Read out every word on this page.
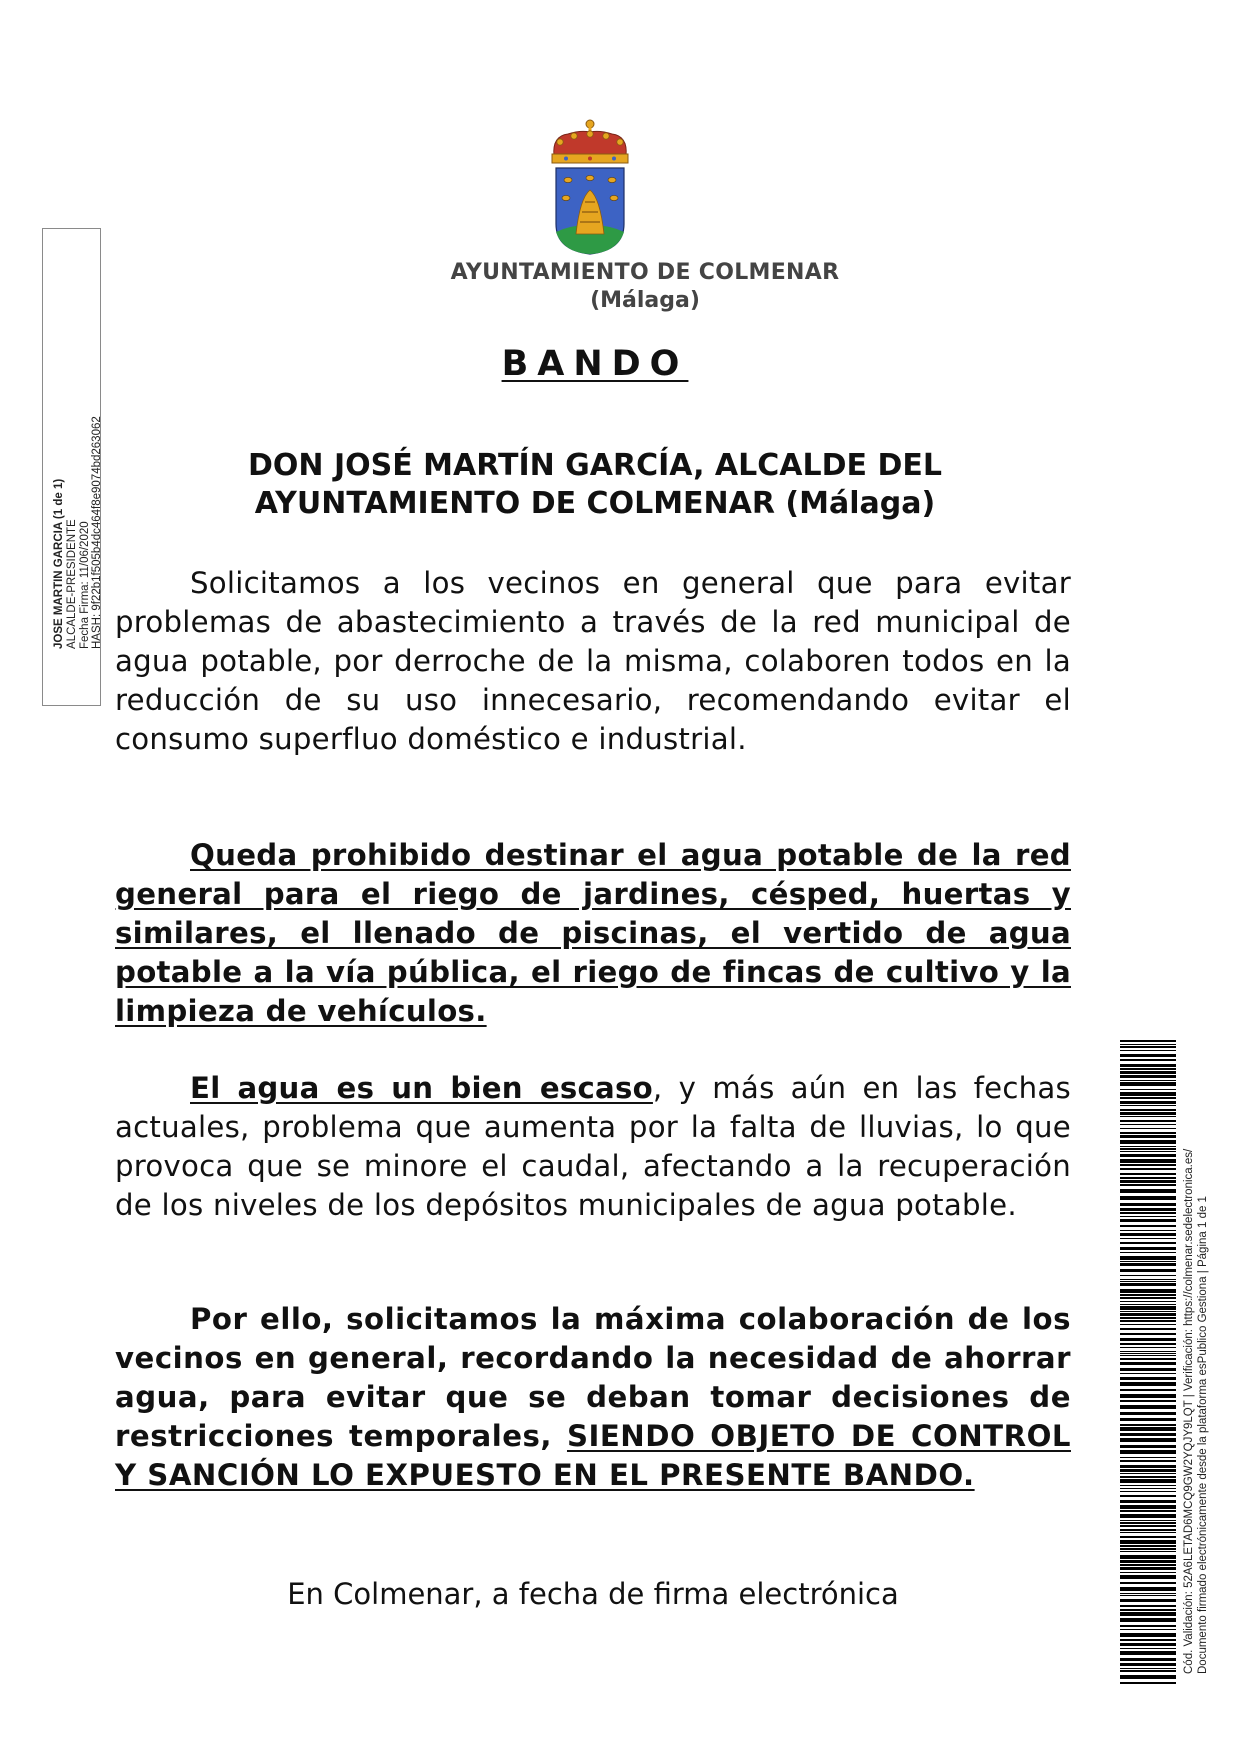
AYUNTAMIENTO DE COLMENAR
(Málaga)
BANDO
DON JOSÉ MARTÍN GARCÍA, ALCALDE DEL
AYUNTAMIENTO DE COLMENAR (Málaga)

Solicitamos a los vecinos en general que para evitar problemas de abastecimiento a través de la red municipal de agua potable, por derroche de la misma, colaboren todos en la reducción de su uso innecesario, recomendando evitar el consumo superfluo doméstico e industrial.

Queda prohibido destinar el agua potable de la red general para el riego de jardines, césped, huertas y similares, el llenado de piscinas, el vertido de agua potable a la vía pública, el riego de fincas de cultivo y la limpieza de vehículos.

El agua es un bien escaso, y más aún en las fechas actuales, problema que aumenta por la falta de lluvias, lo que provoca que se minore el caudal, afectando a la recuperación de los niveles de los depósitos municipales de agua potable.

Por ello, solicitamos la máxima colaboración de los vecinos en general, recordando la necesidad de ahorrar agua, para evitar que se deban tomar decisiones de restricciones temporales, SIENDO OBJETO DE CONTROL Y SANCIÓN LO EXPUESTO EN EL PRESENTE BANDO.

En Colmenar, a fecha de firma electrónica
JOSE MARTIN GARCIA (1 de 1) ALCALDE-PRESIDENTE Fecha Firma: 11/06/2020 HASH: 9f22b1f505b4dc464f8e9074bd263062
Cód. Validación: 52A6LETAD6MCQ9GW2YQJY9LQT | Verificación: https://colmenar.sedelectronica.es/ Documento firmado electrónicamente desde la plataforma esPublico Gestiona | Página 1 de 1
